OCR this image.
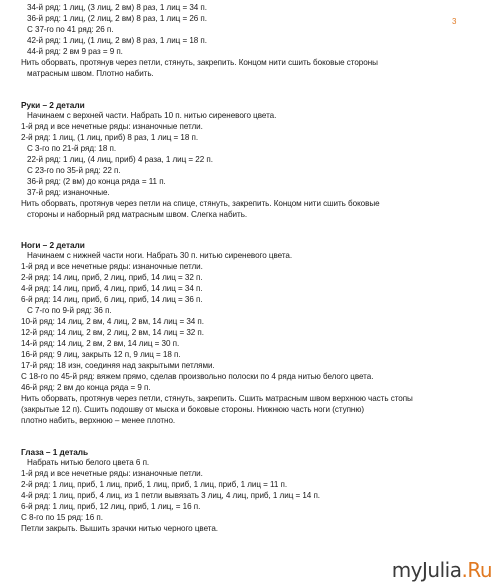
3
34-й ряд: 1 лиц, (3 лиц, 2 вм) 8 раз, 1 лиц = 34 п.
36-й ряд: 1 лиц, (2 лиц, 2 вм) 8 раз, 1 лиц = 26 п.
С 37-го по 41 ряд: 26 п.
42-й ряд: 1 лиц, (1 лиц, 2 вм) 8 раз, 1 лиц = 18 п.
44-й ряд: 2 вм 9 раз = 9 п.
Нить оборвать, протянув через петли, стянуть, закрепить. Концом нити сшить боковые стороны
матрасным швом. Плотно набить.
Руки – 2 детали
Начинаем с верхней части. Набрать 10 п. нитью сиреневого цвета.
1-й ряд и все нечетные ряды: изнаночные петли.
2-й ряд: 1 лиц, (1 лиц, приб) 8 раз, 1 лиц = 18 п.
С 3-го по 21-й ряд: 18 п.
22-й ряд: 1 лиц, (4 лиц, приб) 4 раза, 1 лиц = 22 п.
С 23-го по 35-й ряд: 22 п.
36-й ряд: (2 вм) до конца ряда = 11 п.
37-й ряд: изнаночные.
Нить оборвать, протянув через петли на спице, стянуть, закрепить. Концом нити сшить боковые
стороны и наборный ряд матрасным швом. Слегка набить.
Ноги – 2 детали
Начинаем с нижней части ноги. Набрать 30 п. нитью сиреневого цвета.
1-й ряд и все нечетные ряды: изнаночные петли.
2-й ряд: 14 лиц, приб, 2 лиц, приб, 14 лиц = 32 п.
4-й ряд: 14 лиц, приб, 4 лиц, приб, 14 лиц = 34 п.
6-й ряд: 14 лиц, приб, 6 лиц, приб, 14 лиц = 36 п.
С 7-го по 9-й ряд: 36 п.
10-й ряд: 14 лиц, 2 вм, 4 лиц, 2 вм, 14 лиц = 34 п.
12-й ряд: 14 лиц, 2 вм, 2 лиц, 2 вм, 14 лиц = 32 п.
14-й ряд: 14 лиц, 2 вм, 2 вм, 14 лиц = 30 п.
16-й ряд: 9 лиц, закрыть 12 п, 9 лиц = 18 п.
17-й ряд: 18 изн, соединяя над закрытыми петлями.
С 18-го по 45-й ряд: вяжем прямо, сделав произвольно полоски по 4 ряда нитью белого цвета.
46-й ряд: 2 вм до конца ряда = 9 п.
Нить оборвать, протянув через петли, стянуть, закрепить. Сшить матрасным швом верхнюю часть стопы
(закрытые 12 п). Сшить подошву от мыска и боковые стороны. Нижнюю часть ноги (ступню)
плотно набить, верхнюю – менее плотно.
Глаза – 1 деталь
Набрать нитью белого цвета 6 п.
1-й ряд и все нечетные ряды: изнаночные петли.
2-й ряд: 1 лиц, приб, 1 лиц, приб, 1 лиц, приб, 1 лиц, приб, 1 лиц = 11 п.
4-й ряд: 1 лиц, приб, 4 лиц, из 1 петли вывязать 3 лиц, 4 лиц, приб, 1 лиц = 14 п.
6-й ряд: 1 лиц, приб, 12 лиц, приб, 1 лиц, = 16 п.
С 8-го по 15 ряд: 16 п.
Петли закрыть. Вышить зрачки нитью черного цвета.
myJulia.Ru
